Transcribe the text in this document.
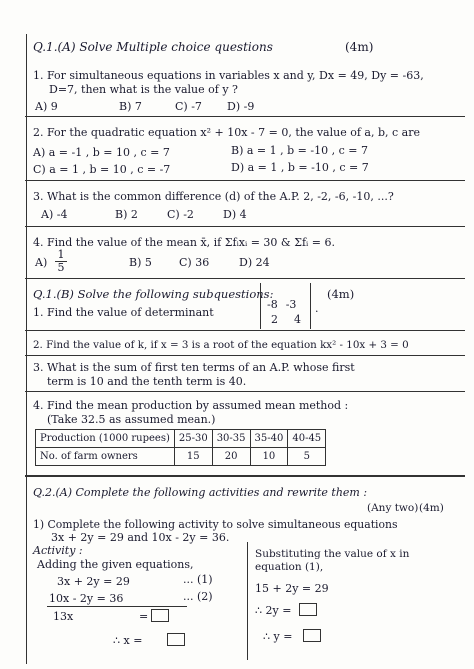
Q.1.(A) Solve Multiple choice questions	(4m)
1. For simultaneous equations in variables x and y, Dx = 49, Dy = -63,
D=7, then what is the value of y ?
A) 9	B) 7	C) -7 D) -9
2. For the quadratic equation x² + 10x - 7 = 0, the value of a, b, c are
A) a = -1 , b = 10 , c = 7	B) a = 1 , b = -10 , c = 7
C) a = 1 , b = 10 , c = -7	D) a = 1 , b = -10 , c = 7
3. What is the common difference (d) of the A.P. 2, -2, -6, -10, ...?
A) -4	B) 2	C) -2	D) 4
4. Find the value of the mean x̄, if Σfᵢxᵢ = 30 & Σfᵢ = 6.
A)
1
5	B) 5 C) 36	D) 24
Q.1.(B) Solve the following subquestions:	(4m)
.
1. Find the value of determinant
-8 -3
2	4
2. Find the value of k, if x = 3 is a root of the equation kx² - 10x + 3 = 0
3. What is the sum of first ten terms of an A.P. whose first
term is 10 and the tenth term is 40.
4. Find the mean production by assumed mean method :
(Take 32.5 as assumed mean.)
Production (1000 rupees)	25-30	30-35	35-40	40-45
No. of farm owners	15	20	10	5
Q.2.(A) Complete the following activities and rewrite them :
(Any two) (4m)
1) Complete the following activity to solve simultaneous equations
3x + 2y = 29 and 10x - 2y = 36.
Activity :
Adding the given equations,
3x + 2y = 29	... (1)
10x - 2y = 36	... (2)
13x	=
∴ x =
Substituting the value of x in
equation (1),
15 + 2y = 29
∴ 2y =
∴ y =
